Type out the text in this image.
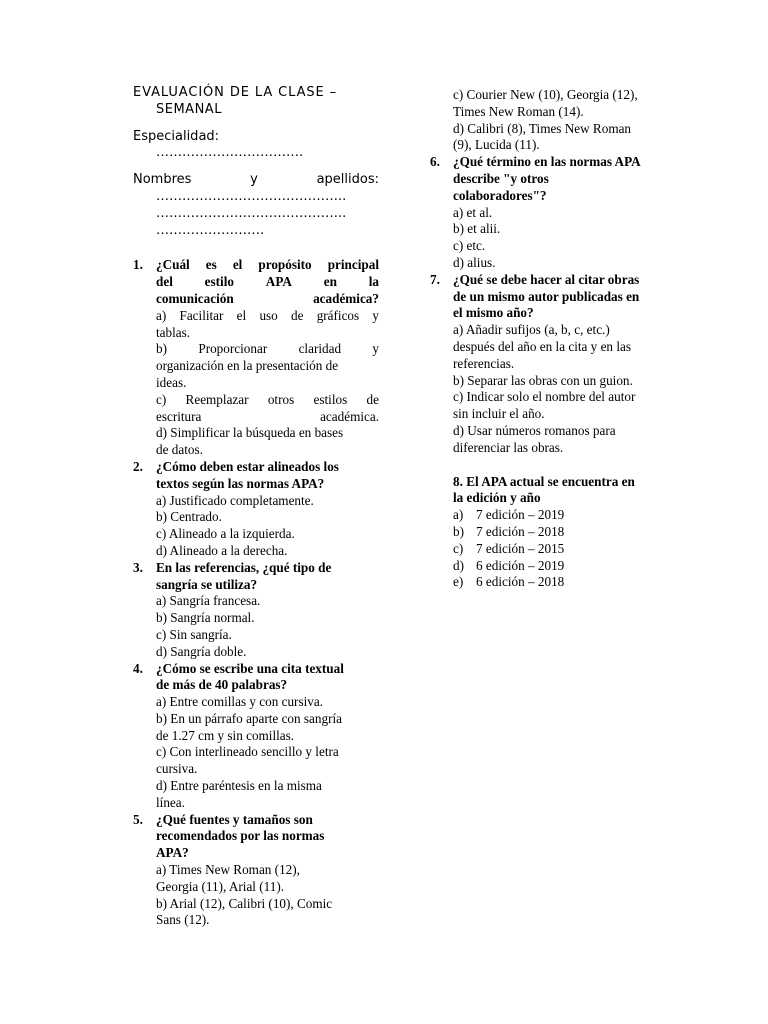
EVALUACIÓN DE LA CLASE –
SEMANAL
Especialidad:
…………………………….
Nombres	y	apellidos:
……………………………………..
……………………………………..
…………………….
1. ¿Cuál es el propósito principal
del estilo APA en la
comunicación	académica?
a) Facilitar el uso de gráficos y
tablas.
b) Proporcionar claridad y
organización en la presentación de
ideas.
c) Reemplazar otros estilos de
escritura	académica.
d) Simplificar la búsqueda en bases
de datos.
2. ¿Cómo deben estar alineados los
textos según las normas APA?
a) Justificado completamente.
b) Centrado.
c) Alineado a la izquierda.
d) Alineado a la derecha.
3. En las referencias, ¿qué tipo de
sangría se utiliza?
a) Sangría francesa.
b) Sangría normal.
c) Sin sangría.
d) Sangría doble.
4. ¿Cómo se escribe una cita textual
de más de 40 palabras?
a) Entre comillas y con cursiva.
b) En un párrafo aparte con sangría
de 1.27 cm y sin comillas.
c) Con interlineado sencillo y letra
cursiva.
d) Entre paréntesis en la misma
línea.
5. ¿Qué fuentes y tamaños son
recomendados por las normas
APA?
a) Times New Roman (12),
Georgia (11), Arial (11).
b) Arial (12), Calibri (10), Comic
Sans (12).
c) Courier New (10), Georgia (12),
Times New Roman (14).
d) Calibri (8), Times New Roman
(9), Lucida (11).
6. ¿Qué término en las normas APA
describe "y otros
colaboradores"?
a) et al.
b) et alii.
c) etc.
d) alius.
7. ¿Qué se debe hacer al citar obras
de un mismo autor publicadas en
el mismo año?
a) Añadir sufijos (a, b, c, etc.)
después del año en la cita y en las
referencias.
b) Separar las obras con un guion.
c) Indicar solo el nombre del autor
sin incluir el año.
d) Usar números romanos para
diferenciar las obras.
8. El APA actual se encuentra en
la edición y año
a) 7 edición – 2019
b) 7 edición – 2018
c) 7 edición – 2015
d) 6 edición – 2019
e) 6 edición – 2018
